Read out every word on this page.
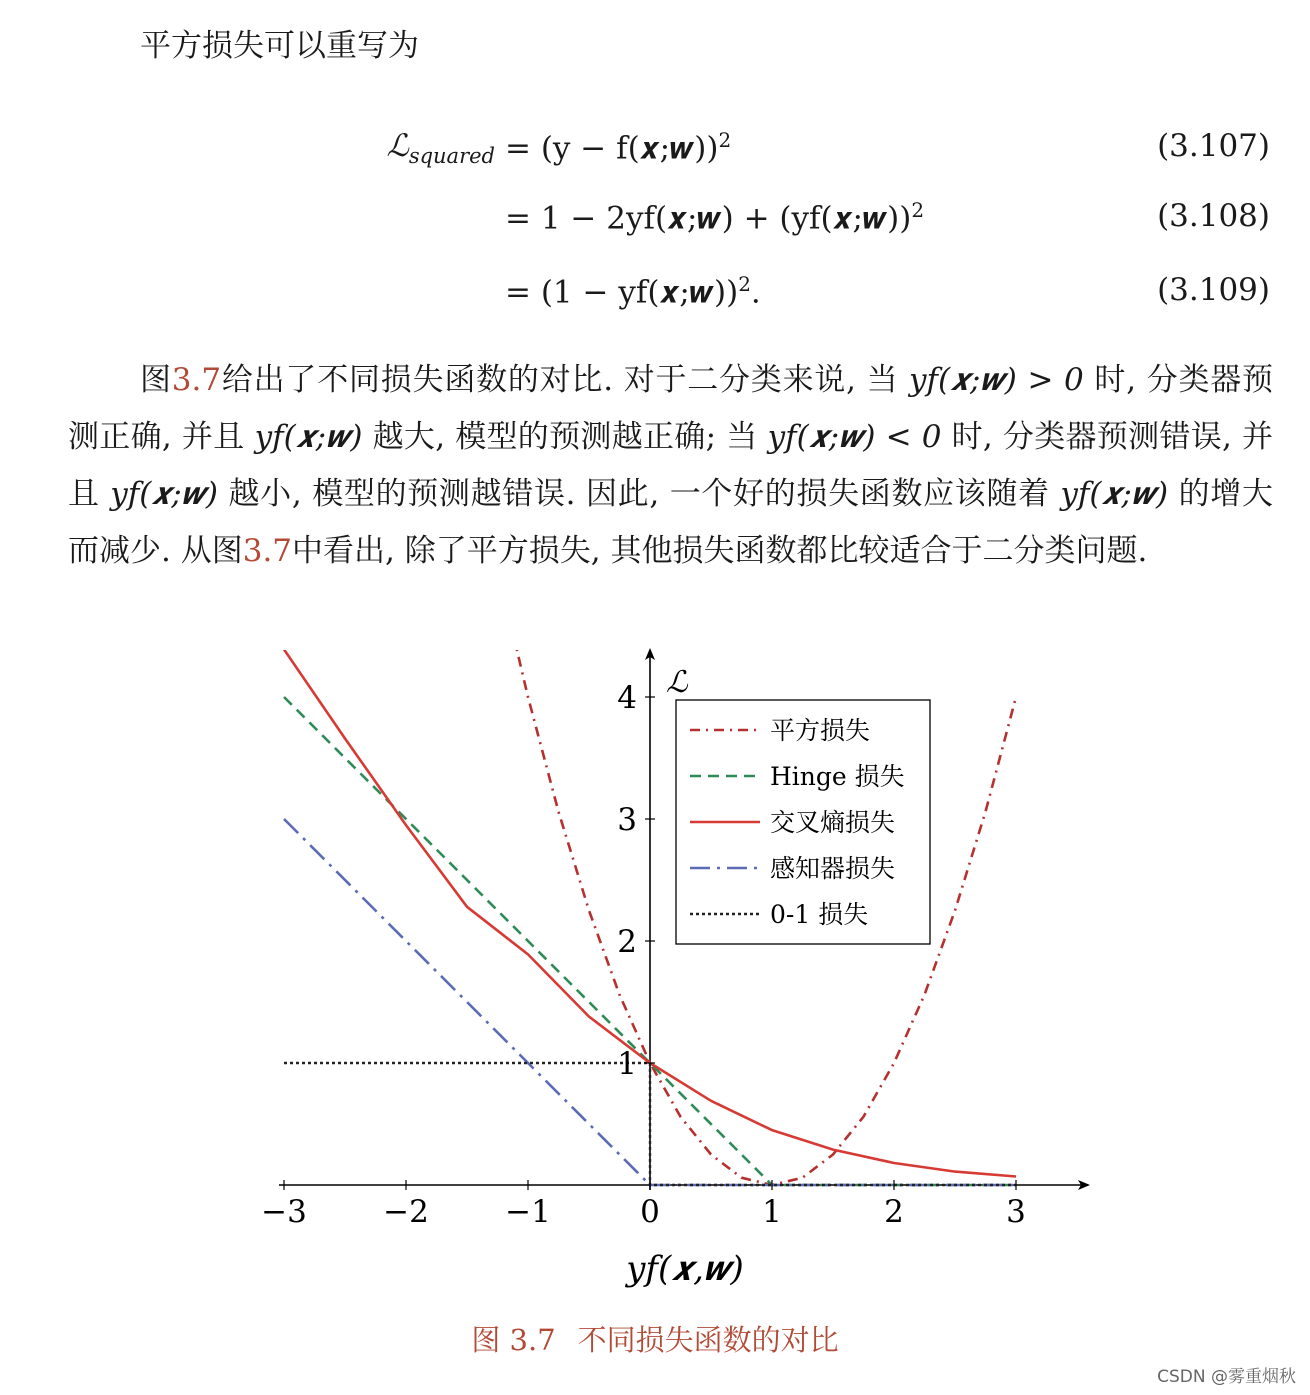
平方损失可以重写为

ℒ$_{squared}$ = (y − f(𝒙;𝒘))$^2$	(3.107)
= 1 − 2yf(𝒙;𝒘) + (yf(𝒙;𝒘))$^2$	(3.108)
= (1 − yf(𝒙;𝒘))$^2$.	(3.109)

图3.7给出了不同损失函数的对比. 对于二分类来说, 当 yf(𝒙;𝒘) > 0 时, 分类器预测正确, 并且 yf(𝒙;𝒘) 越大, 模型的预测越正确; 当 yf(𝒙;𝒘) < 0 时, 分类器预测错误, 并且 yf(𝒙;𝒘) 越小, 模型的预测越错误. 因此, 一个好的损失函数应该随着 yf(𝒙;𝒘) 的增大而减少. 从图3.7中看出, 除了平方损失, 其他损失函数都比较适合于二分类问题.

−3 −2 −1	0	1	2	3
1
2
3
4 ℒ
yf(𝒙,𝒘)
平方损失
Hinge 损失
交叉熵损失
感知器损失
0-1 损失

图 3.7 不同损失函数的对比

CSDN @雾重烟秋
